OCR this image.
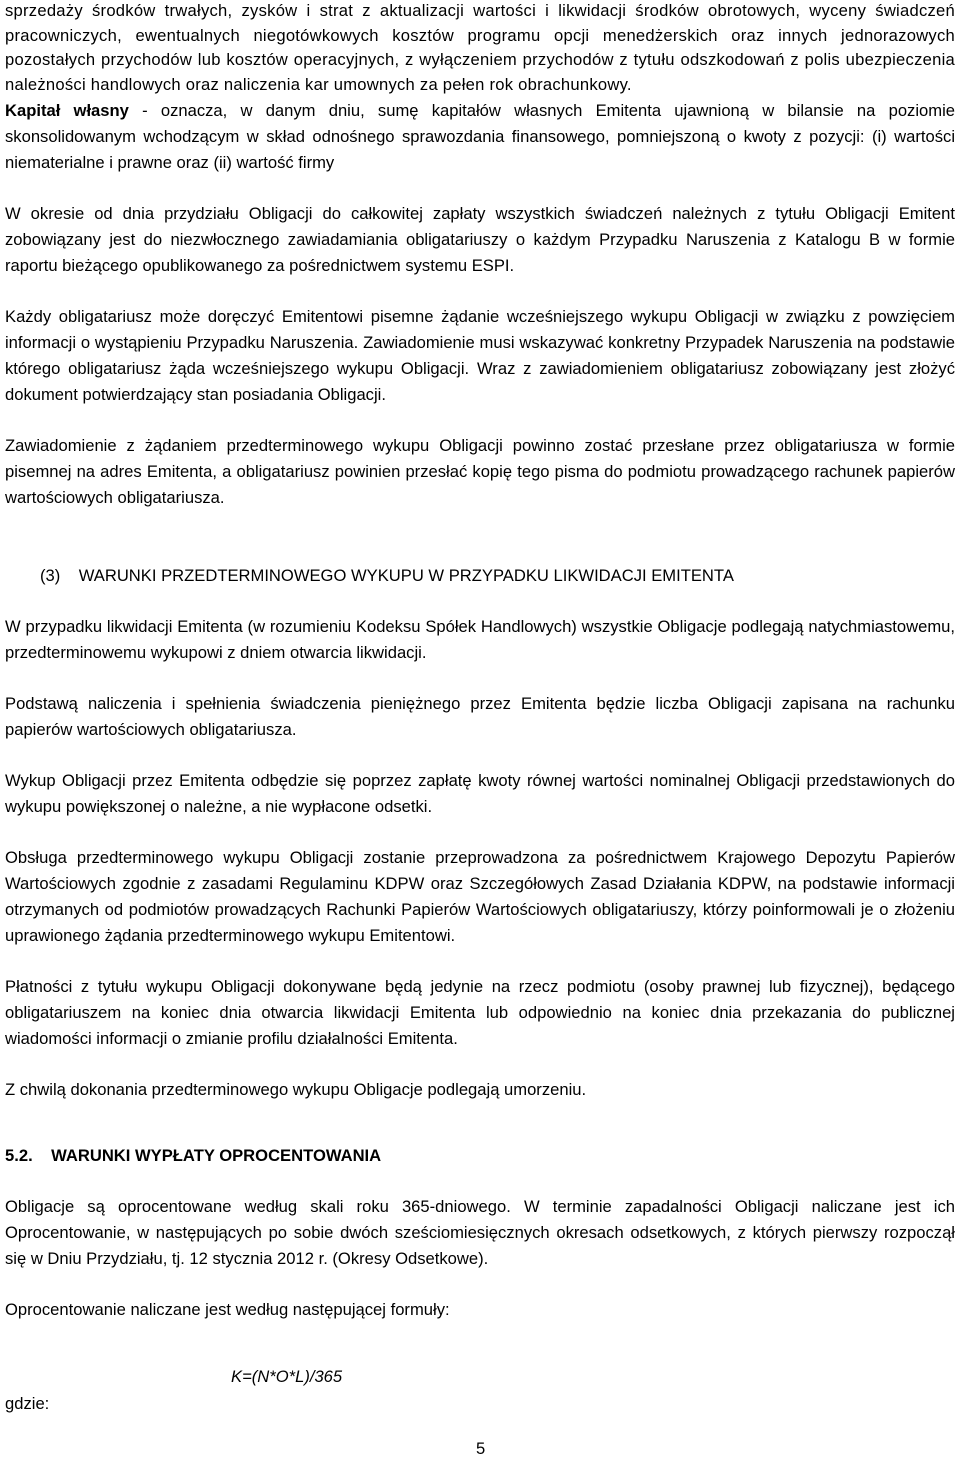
sprzedaży środków trwałych, zysków i strat z aktualizacji wartości i likwidacji środków obrotowych, wyceny świadczeń pracowniczych, ewentualnych niegotówkowych kosztów programu opcji menedżerskich oraz innych jednorazowych pozostałych przychodów lub kosztów operacyjnych, z wyłączeniem przychodów z tytułu odszkodowań z polis ubezpieczenia należności handlowych oraz naliczenia kar umownych za pełen rok obrachunkowy.

Kapitał własny - oznacza, w danym dniu, sumę kapitałów własnych Emitenta ujawnioną w bilansie na poziomie skonsolidowanym wchodzącym w skład odnośnego sprawozdania finansowego, pomniejszoną o kwoty z pozycji: (i) wartości niematerialne i prawne oraz (ii) wartość firmy

W okresie od dnia przydziału Obligacji do całkowitej zapłaty wszystkich świadczeń należnych z tytułu Obligacji Emitent zobowiązany jest do niezwłocznego zawiadamiania obligatariuszy o każdym Przypadku Naruszenia z Katalogu B w formie raportu bieżącego opublikowanego za pośrednictwem systemu ESPI.

Każdy obligatariusz może doręczyć Emitentowi pisemne żądanie wcześniejszego wykupu Obligacji w związku z powzięciem informacji o wystąpieniu Przypadku Naruszenia. Zawiadomienie musi wskazywać konkretny Przypadek Naruszenia na podstawie którego obligatariusz żąda wcześniejszego wykupu Obligacji. Wraz z zawiadomieniem obligatariusz zobowiązany jest złożyć dokument potwierdzający stan posiadania Obligacji.

Zawiadomienie z żądaniem przedterminowego wykupu Obligacji powinno zostać przesłane przez obligatariusza w formie pisemnej na adres Emitenta, a obligatariusz powinien przesłać kopię tego pisma do podmiotu prowadzącego rachunek papierów wartościowych obligatariusza.

(3)    WARUNKI PRZEDTERMINOWEGO WYKUPU W PRZYPADKU LIKWIDACJI EMITENTA

W przypadku likwidacji Emitenta (w rozumieniu Kodeksu Spółek Handlowych) wszystkie Obligacje podlegają natychmiastowemu, przedterminowemu wykupowi z dniem otwarcia likwidacji.

Podstawą naliczenia i spełnienia świadczenia pieniężnego przez Emitenta będzie liczba Obligacji zapisana na rachunku papierów wartościowych obligatariusza.

Wykup Obligacji przez Emitenta odbędzie się poprzez zapłatę kwoty równej wartości nominalnej Obligacji przedstawionych do wykupu powiększonej o należne, a nie wypłacone odsetki.

Obsługa przedterminowego wykupu Obligacji zostanie przeprowadzona za pośrednictwem Krajowego Depozytu Papierów Wartościowych zgodnie z zasadami Regulaminu KDPW oraz Szczegółowych Zasad Działania KDPW, na podstawie informacji otrzymanych od podmiotów prowadzących Rachunki Papierów Wartościowych obligatariuszy, którzy poinformowali je o złożeniu uprawionego żądania przedterminowego wykupu Emitentowi.

Płatności z tytułu wykupu Obligacji dokonywane będą jedynie na rzecz podmiotu (osoby prawnej lub fizycznej), będącego obligatariuszem na koniec dnia otwarcia likwidacji Emitenta lub odpowiednio na koniec dnia przekazania do publicznej wiadomości informacji o zmianie profilu działalności Emitenta.

Z chwilą dokonania przedterminowego wykupu Obligacje podlegają umorzeniu.

5.2.    WARUNKI WYPŁATY OPROCENTOWANIA

Obligacje są oprocentowane według skali roku 365-dniowego. W terminie zapadalności Obligacji naliczane jest ich Oprocentowanie, w następujących po sobie dwóch sześciomiesięcznych okresach odsetkowych, z których pierwszy rozpoczął się w Dniu Przydziału, tj. 12 stycznia 2012 r. (Okresy Odsetkowe).

Oprocentowanie naliczane jest według następującej formuły:

K=(N*O*L)/365
gdzie:
5
